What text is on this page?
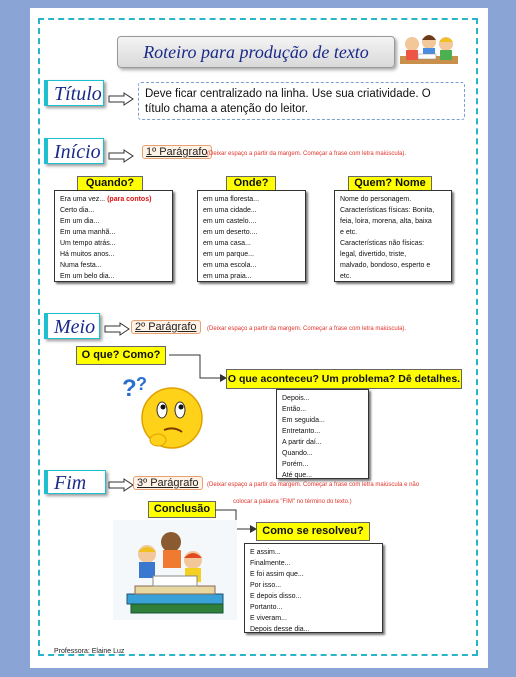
Roteiro para produção de texto
Título	Deve ficar centralizado na linha. Use sua criatividade. O título chama a atenção do leitor.
Início	1º Parágrafo (Deixar espaço a partir da margem. Começar a frase com letra maiúscula).
Quando?
Era uma vez... (para contos)
Certo dia...
Em um dia...
Em uma manhã...
Um tempo atrás...
Há muitos anos...
Numa festa...
Em um belo dia...
Onde?
em uma floresta...
em uma cidade...
em um castelo....
em um deserto....
em uma casa...
em um parque...
em uma escola...
em uma praia...
Quem? Nome
Nome do personagem.
Características físicas: Bonita,
feia, loira, morena, alta, baixa
e etc.
Características não físicas:
legal, divertido, triste,
malvado, bondoso, esperto e
etc.
Meio	2º Parágrafo	(Deixar espaço a partir da margem. Começar a frase com letra maiúscula).
O que? Como?
O que aconteceu? Um problema? Dê detalhes.
Depois...
Então...
Em seguida...
Entretanto...
A partir daí...
Quando...
Porém...
Até que...
? ?
Fim	3º Parágrafo	(Deixar espaço a partir da margem. Começar a frase com letra maiúscula e não
colocar a palavra "FIM" no término do texto.)
Conclusão
Como se resolveu?
E assim...
Finalmente...
E foi assim que...
Por isso...
E depois disso...
Portanto...
E viveram...
Depois desse dia...
Professora: Elaine Luz
